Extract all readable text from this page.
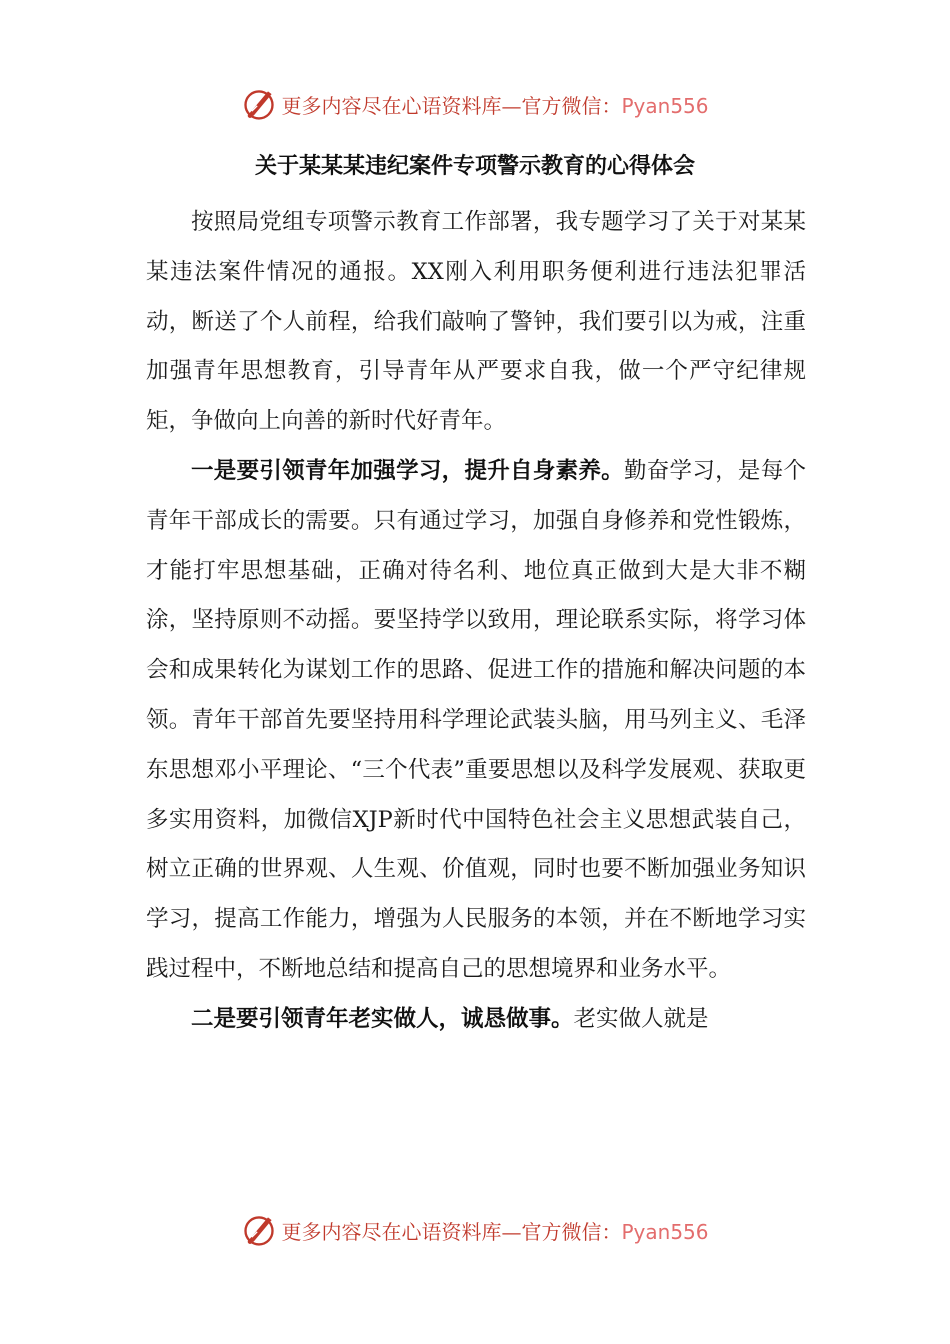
更多内容尽在心语资料库—官方微信：Pyan556
关于某某某违纪案件专项警示教育的心得体会

按照局党组专项警示教育工作部署，我专题学习了关于对某某某违法案件情况的通报。XX刚入利用职务便利进行违法犯罪活动，断送了个人前程，给我们敲响了警钟，我们要引以为戒，注重加强青年思想教育，引导青年从严要求自我，做一个严守纪律规矩，争做向上向善的新时代好青年。

一是要引领青年加强学习，提升自身素养。勤奋学习，是每个青年干部成长的需要。只有通过学习，加强自身修养和党性锻炼，才能打牢思想基础，正确对待名利、地位真正做到大是大非不糊涂，坚持原则不动摇。要坚持学以致用，理论联系实际，将学习体会和成果转化为谋划工作的思路、促进工作的措施和解决问题的本领。青年干部首先要坚持用科学理论武装头脑，用马列主义、毛泽东思想邓小平理论、“三个代表”重要思想以及科学发展观、获取更多实用资料，加微信XJP新时代中国特色社会主义思想武装自己，树立正确的世界观、人生观、价值观，同时也要不断加强业务知识学习，提高工作能力，增强为人民服务的本领，并在不断地学习实践过程中，不断地总结和提高自己的思想境界和业务水平。

二是要引领青年老实做人，诚恳做事。老实做人就是

更多内容尽在心语资料库—官方微信：Pyan556
